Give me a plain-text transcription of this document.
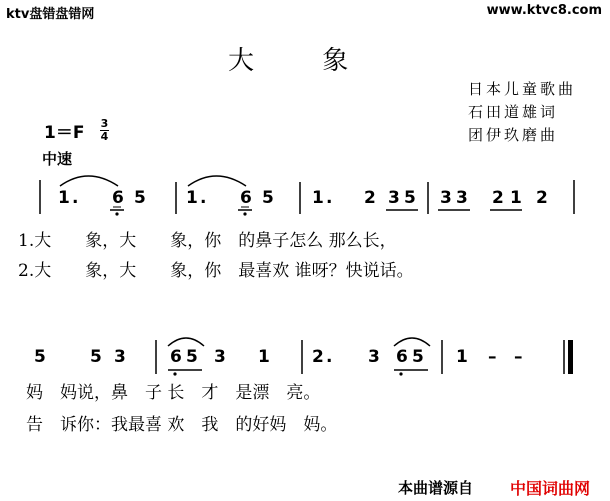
ktv盘错盘错网	www.ktvc8.com
大 象
日本儿童歌曲
石田道雄词
团伊玖磨曲
1＝F 3
4
中速
1 . 6 5 1 . 6 5 1 . 2 3 5 3 3 2 1 2
1.大　　象，大　　象，你　的鼻子怎么 那么长，
2.大　　象，大　　象，你　最喜欢 谁呀？快说话。
5	5 3	6 5 3 1 2 . 3 6 5 1 – –
妈　妈说，鼻　子 长　才　是漂　亮。
告　诉你：我最喜 欢　我　的好妈　妈。
本曲谱源自 中国词曲网
